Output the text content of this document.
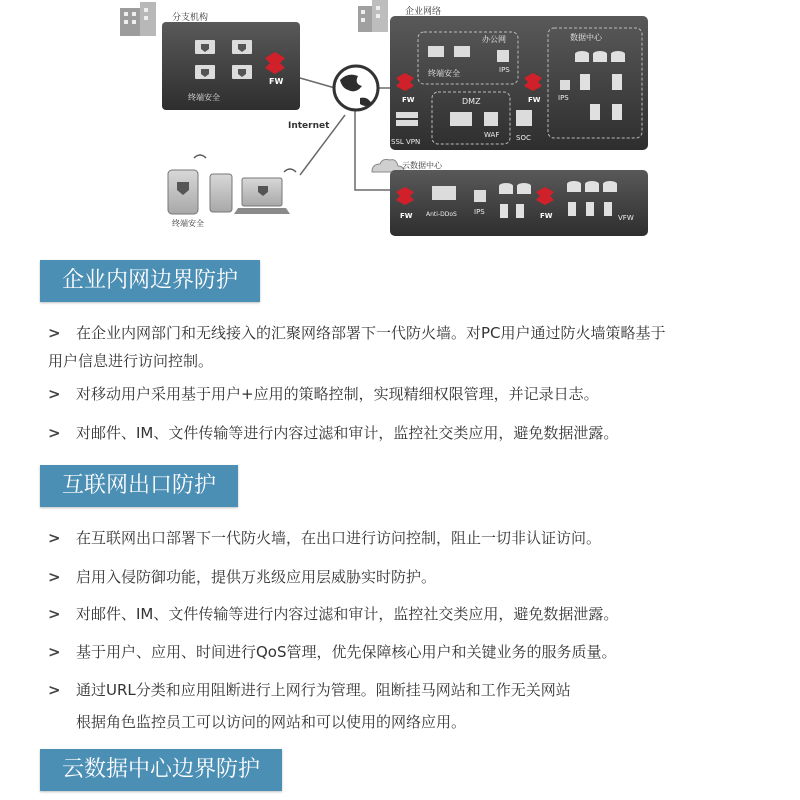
分支机构
终端安全
FW
Internet
企业网络
办公网
终端安全	IPS
FW	DMZ
WAF
SSL VPN	SOC
FW
数据中心
IPS
终端安全
云数据中心
FW Anti-DDoS IPS	FW	VFW
企业内网边界防护
> 在企业内网部门和无线接入的汇聚网络部署下一代防火墙。对PC用户通过防火墙策略基于
用户信息进行访问控制。
> 对移动用户采用基于用户+应用的策略控制，实现精细权限管理，并记录日志。
> 对邮件、IM、文件传输等进行内容过滤和审计，监控社交类应用，避免数据泄露。
互联网出口防护
> 在互联网出口部署下一代防火墙，在出口进行访问控制，阻止一切非认证访问。
> 启用入侵防御功能，提供万兆级应用层威胁实时防护。
> 对邮件、IM、文件传输等进行内容过滤和审计，监控社交类应用，避免数据泄露。
> 基于用户、应用、时间进行QoS管理，优先保障核心用户和关键业务的服务质量。
> 通过URL分类和应用阻断进行上网行为管理。阻断挂马网站和工作无关网站
根据角色监控员工可以访问的网站和可以使用的网络应用。
云数据中心边界防护
